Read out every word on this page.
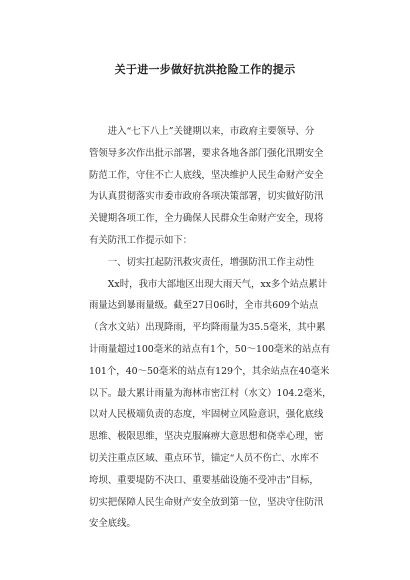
关于进一步做好抗洪抢险工作的提示
　　进入“七下八上”关键期以来，市政府主要领导、分
管领导多次作出批示部署，要求各地各部门强化汛期安全
防范工作，守住不亡人底线，坚决维护人民生命财产安全
为认真贯彻落实市委市政府各项决策部署，切实做好防汛
关键期各项工作，全力确保人民群众生命财产安全，现将
有关防汛工作提示如下：
　　一、切实扛起防汛救灾责任，增强防汛工作主动性
　　Xx时，我市大部地区出现大雨天气，xx多个站点累计
雨量达到暴雨量级。截至27日06时，全市共609个站点
（含水文站）出现降雨，平均降雨量为35.5毫米，其中累
计雨量超过100毫米的站点有1个，50～100毫米的站点有
101个，40～50毫米的站点有129个，其余站点在40毫米
以下。最大累计雨量为海林市密江村（水文）104.2毫米，
以对人民极端负责的态度，牢固树立风险意识，强化底线
思维、极限思维，坚决克服麻痹大意思想和侥幸心理，密
切关注重点区域、重点环节，锚定“人员不伤亡、水库不
垮坝、重要堤防不决口、重要基础设施不受冲击”目标，
切实把保障人民生命财产安全放到第一位，坚决守住防汛
安全底线。
